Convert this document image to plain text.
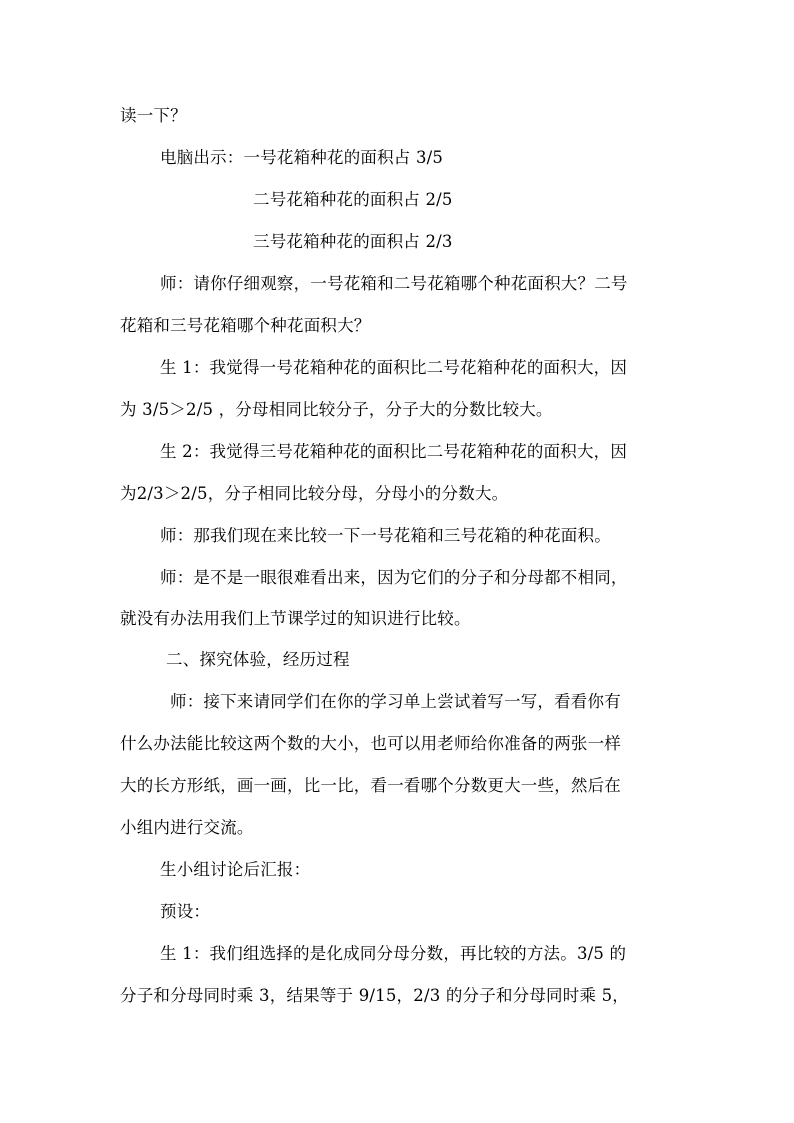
读一下？
电脑出示：一号花箱种花的面积占 3/5
二号花箱种花的面积占 2/5
三号花箱种花的面积占 2/3
师：请你仔细观察，一号花箱和二号花箱哪个种花面积大？二号
花箱和三号花箱哪个种花面积大？
生 1：我觉得一号花箱种花的面积比二号花箱种花的面积大，因
为 3/5＞2/5 ，分母相同比较分子，分子大的分数比较大。
生 2：我觉得三号花箱种花的面积比二号花箱种花的面积大，因
为2/3＞2/5，分子相同比较分母，分母小的分数大。
师：那我们现在来比较一下一号花箱和三号花箱的种花面积。
师：是不是一眼很难看出来，因为它们的分子和分母都不相同，
就没有办法用我们上节课学过的知识进行比较。
二、探究体验，经历过程
师：接下来请同学们在你的学习单上尝试着写一写，看看你有
什么办法能比较这两个数的大小，也可以用老师给你准备的两张一样
大的长方形纸，画一画，比一比，看一看哪个分数更大一些，然后在
小组内进行交流。
生小组讨论后汇报：
预设：
生 1：我们组选择的是化成同分母分数，再比较的方法。3/5 的
分子和分母同时乘 3，结果等于 9/15，2/3 的分子和分母同时乘 5，
